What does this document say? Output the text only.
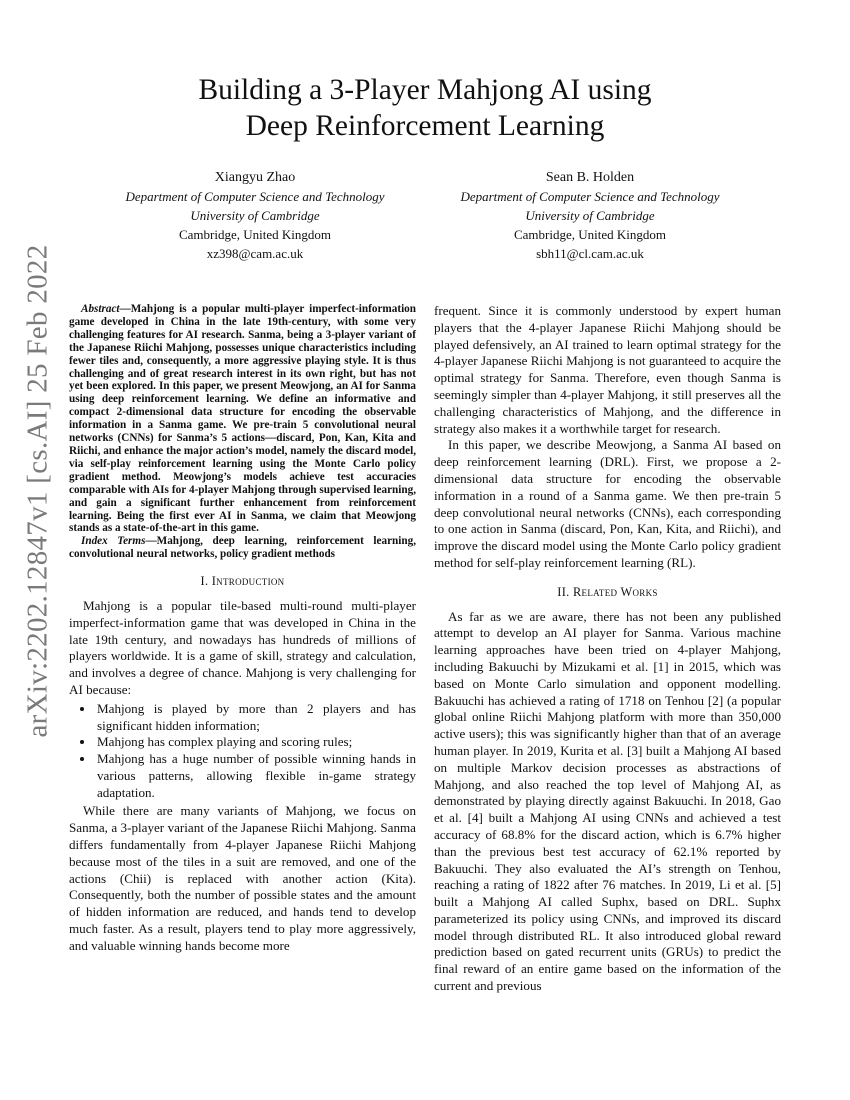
arXiv:2202.12847v1 [cs.AI] 25 Feb 2022
Building a 3-Player Mahjong AI using
Deep Reinforcement Learning
Xiangyu Zhao
Department of Computer Science and Technology
University of Cambridge
Cambridge, United Kingdom
xz398@cam.ac.uk
Sean B. Holden
Department of Computer Science and Technology
University of Cambridge
Cambridge, United Kingdom
sbh11@cl.cam.ac.uk

Abstract—Mahjong is a popular multi-player imperfect-information game developed in China in the late 19th-century, with some very challenging features for AI research. Sanma, being a 3-player variant of the Japanese Riichi Mahjong, possesses unique characteristics including fewer tiles and, consequently, a more aggressive playing style. It is thus challenging and of great research interest in its own right, but has not yet been explored. In this paper, we present Meowjong, an AI for Sanma using deep reinforcement learning. We define an informative and compact 2-dimensional data structure for encoding the observable information in a Sanma game. We pre-train 5 convolutional neural networks (CNNs) for Sanma’s 5 actions—discard, Pon, Kan, Kita and Riichi, and enhance the major action’s model, namely the discard model, via self-play reinforcement learning using the Monte Carlo policy gradient method. Meowjong’s models achieve test accuracies comparable with AIs for 4-player Mahjong through supervised learning, and gain a significant further enhancement from reinforcement learning. Being the first ever AI in Sanma, we claim that Meowjong stands as a state-of-the-art in this game.

Index Terms—Mahjong, deep learning, reinforcement learning, convolutional neural networks, policy gradient methods

I. Introduction

Mahjong is a popular tile-based multi-round multi-player imperfect-information game that was developed in China in the late 19th century, and nowadays has hundreds of millions of players worldwide. It is a game of skill, strategy and calculation, and involves a degree of chance. Mahjong is very challenging for AI because:

• Mahjong is played by more than 2 players and has significant hidden information;
• Mahjong has complex playing and scoring rules;
• Mahjong has a huge number of possible winning hands in various patterns, allowing flexible in-game strategy adaptation.

While there are many variants of Mahjong, we focus on Sanma, a 3-player variant of the Japanese Riichi Mahjong. Sanma differs fundamentally from 4-player Japanese Riichi Mahjong because most of the tiles in a suit are removed, and one of the actions (Chii) is replaced with another action (Kita). Consequently, both the number of possible states and the amount of hidden information are reduced, and hands tend to develop much faster. As a result, players tend to play more aggressively, and valuable winning hands become more

frequent. Since it is commonly understood by expert human players that the 4-player Japanese Riichi Mahjong should be played defensively, an AI trained to learn optimal strategy for the 4-player Japanese Riichi Mahjong is not guaranteed to acquire the optimal strategy for Sanma. Therefore, even though Sanma is seemingly simpler than 4-player Mahjong, it still preserves all the challenging characteristics of Mahjong, and the difference in strategy also makes it a worthwhile target for research.

In this paper, we describe Meowjong, a Sanma AI based on deep reinforcement learning (DRL). First, we propose a 2-dimensional data structure for encoding the observable information in a round of a Sanma game. We then pre-train 5 deep convolutional neural networks (CNNs), each corresponding to one action in Sanma (discard, Pon, Kan, Kita, and Riichi), and improve the discard model using the Monte Carlo policy gradient method for self-play reinforcement learning (RL).

II. Related Works

As far as we are aware, there has not been any published attempt to develop an AI player for Sanma. Various machine learning approaches have been tried on 4-player Mahjong, including Bakuuchi by Mizukami et al. [1] in 2015, which was based on Monte Carlo simulation and opponent modelling. Bakuuchi has achieved a rating of 1718 on Tenhou [2] (a popular global online Riichi Mahjong platform with more than 350,000 active users); this was significantly higher than that of an average human player. In 2019, Kurita et al. [3] built a Mahjong AI based on multiple Markov decision processes as abstractions of Mahjong, and also reached the top level of Mahjong AI, as demonstrated by playing directly against Bakuuchi. In 2018, Gao et al. [4] built a Mahjong AI using CNNs and achieved a test accuracy of 68.8% for the discard action, which is 6.7% higher than the previous best test accuracy of 62.1% reported by Bakuuchi. They also evaluated the AI’s strength on Tenhou, reaching a rating of 1822 after 76 matches. In 2019, Li et al. [5] built a Mahjong AI called Suphx, based on DRL. Suphx parameterized its policy using CNNs, and improved its discard model through distributed RL. It also introduced global reward prediction based on gated recurrent units (GRUs) to predict the final reward of an entire game based on the information of the current and previous
